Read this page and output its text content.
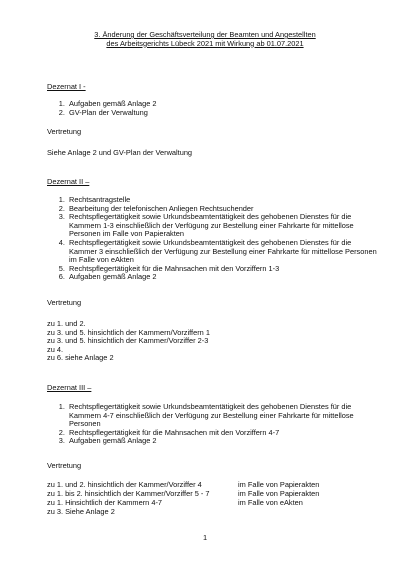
3. Änderung der Geschäftsverteilung der Beamten und Angestellten
des Arbeitsgerichts Lübeck 2021 mit Wirkung ab 01.07.2021
Dezernat I -
1. Aufgaben gemäß Anlage 2
2. GV-Plan der Verwaltung
Vertretung
Siehe Anlage 2 und GV-Plan der Verwaltung
Dezernat II –
1. Rechtsantragstelle
2. Bearbeitung der telefonischen Anliegen Rechtsuchender
3. Rechtspflegertätigkeit sowie Urkundsbeamtentätigkeit des gehobenen Dienstes für die Kammern 1-3 einschließlich der Verfügung zur Bestellung einer Fahrkarte für mittellose Personen im Falle von Papierakten
4. Rechtspflegertätigkeit sowie Urkundsbeamtentätigkeit des gehobenen Dienstes für die Kammer 3 einschließlich der Verfügung zur Bestellung einer Fahrkarte für mittellose Personen im Falle von eAkten
5. Rechtspflegertätigkeit für die Mahnsachen mit den Vorziffern 1-3
6. Aufgaben gemäß Anlage 2
Vertretung
zu 1. und 2.
zu 3. und 5. hinsichtlich der Kammern/Vorziffern 1
zu 3. und 5. hinsichtlich der Kammer/Vorziffer 2-3
zu 4.
zu 6. siehe Anlage 2
Dezernat III –
1. Rechtspflegertätigkeit sowie Urkundsbeamtentätigkeit des gehobenen Dienstes für die Kammern 4-7 einschließlich der Verfügung zur Bestellung einer Fahrkarte für mittellose Personen
2. Rechtspflegertätigkeit für die Mahnsachen mit den Vorziffern 4-7
3. Aufgaben gemäß Anlage 2
Vertretung
zu 1. und 2. hinsichtlich der Kammer/Vorziffer 4	im Falle von Papierakten
zu 1. bis 2. hinsichtlich der Kammer/Vorziffer 5 - 7	im Falle von Papierakten
zu 1. Hinsichtlich der Kammern 4-7	im Falle von eAkten
zu 3. Siehe Anlage 2
1
